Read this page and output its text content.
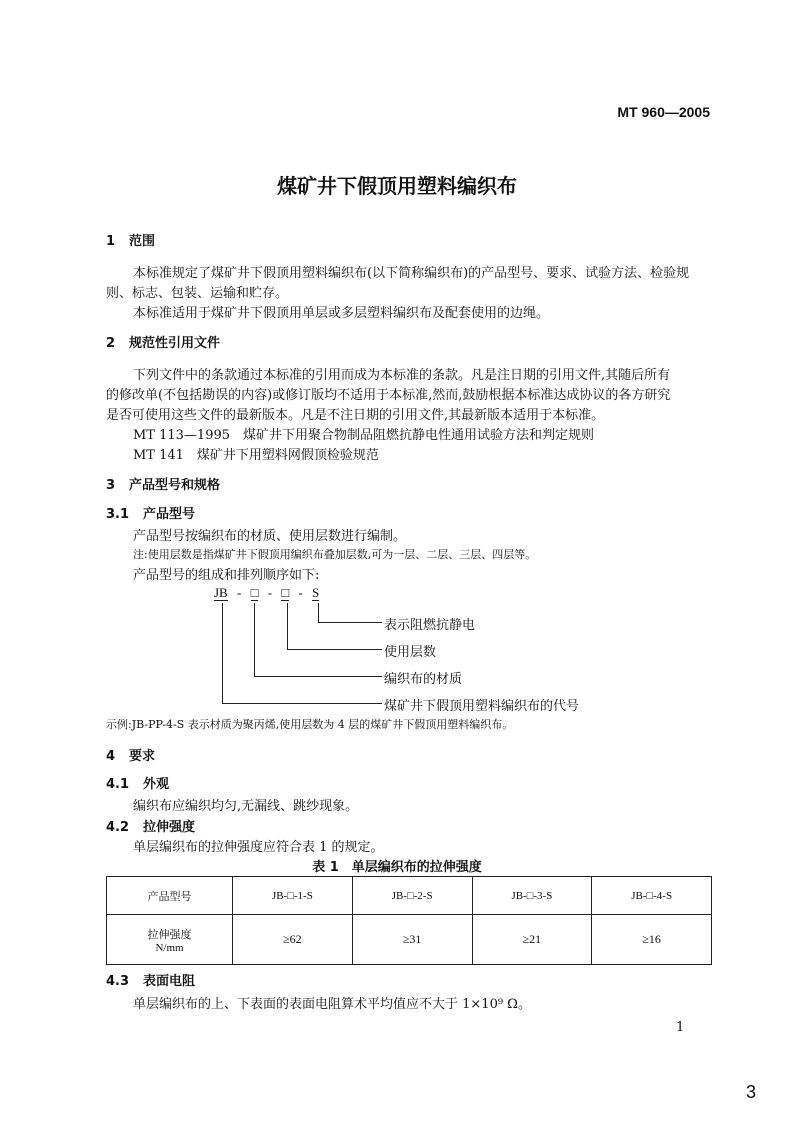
MT 960—2005
煤矿井下假顶用塑料编织布
1 范围
本标准规定了煤矿井下假顶用塑料编织布(以下简称编织布)的产品型号、要求、试验方法、检验规
则、标志、包装、运输和贮存。
本标准适用于煤矿井下假顶用单层或多层塑料编织布及配套使用的边绳。
2 规范性引用文件
下列文件中的条款通过本标准的引用而成为本标准的条款。凡是注日期的引用文件,其随后所有
的修改单(不包括勘误的内容)或修订版均不适用于本标准,然而,鼓励根据本标准达成协议的各方研究
是否可使用这些文件的最新版本。凡是不注日期的引用文件,其最新版本适用于本标准。
MT 113—1995　煤矿井下用聚合物制品阻燃抗静电性通用试验方法和判定规则
MT 141　煤矿井下用塑料网假顶检验规范
3 产品型号和规格
3.1 产品型号
产品型号按编织布的材质、使用层数进行编制。
注:使用层数是指煤矿井下假顶用编织布叠加层数,可为一层、二层、三层、四层等。
产品型号的组成和排列顺序如下:
JB - □ - □ - S
表示阻燃抗静电
使用层数
编织布的材质
煤矿井下假顶用塑料编织布的代号
示例:JB-PP-4-S 表示材质为聚丙烯,使用层数为 4 层的煤矿井下假顶用塑料编织布。
4 要求
4.1 外观
编织布应编织均匀,无漏线、跳纱现象。
4.2 拉伸强度
单层编织布的拉伸强度应符合表 1 的规定。
表 1　单层编织布的拉伸强度
产品型号	JB-□-1-S	JB-□-2-S	JB-□-3-S	JB-□-4-S

拉伸强度
N/mm	≥62	≥31	≥21	≥16
4.3 表面电阻
单层编织布的上、下表面的表面电阻算术平均值应不大于 1×10⁹ Ω。
1
3
